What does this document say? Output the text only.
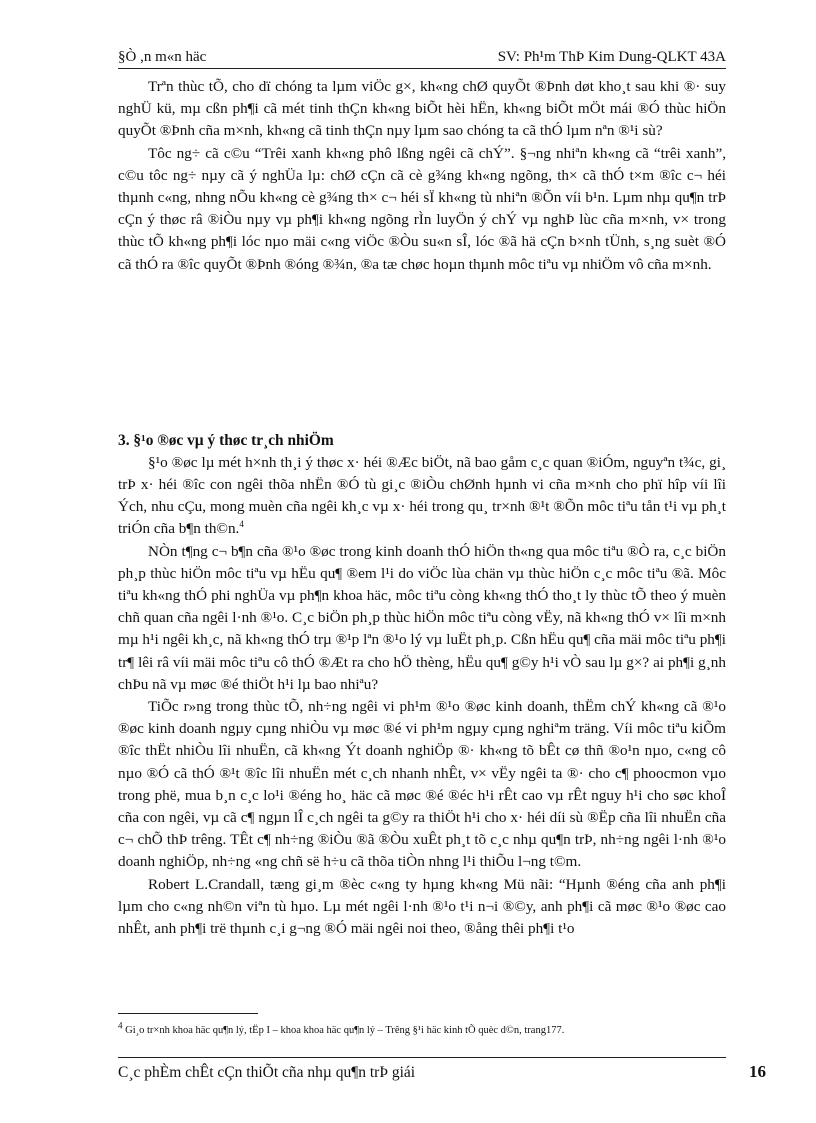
§Ò ,n m«n häc	SV: Ph¹m ThÞ Kim Dung-QLKT 43A

Trªn thùc tÕ, cho dï chóng ta lµm viÖc g×, kh«ng chØ quyÕt ®Þnh døt kho¸t sau khi ®· suy nghÜ kü, mµ cßn ph¶i cã mét tinh thÇn kh«ng biÕt hèi hËn, kh«ng biÕt mÖt mái ®Ó thùc hiÖn quyÕt ®Þnh cña m×nh, kh«ng cã tinh thÇn nµy lµm sao chóng ta cã thÓ lµm nªn ®¹i sù?

Tôc ng÷ cã c©u “Trêi xanh kh«ng phô lßng ngêi cã chÝ”. §¬ng nhiªn kh«ng cã “trêi xanh”, c©u tôc ng÷ nµy cã ý nghÜa lµ: chØ cÇn cã cè g¾ng kh«ng ngõng, th× cã thÓ t×m ®îc c¬ héi thµnh c«ng, nhng nÕu kh«ng cè g¾ng th× c¬ héi sÏ kh«ng tù nhiªn ®Õn víi b¹n. Lµm nhµ qu¶n trÞ cÇn ý thøc râ ®iÒu nµy vµ ph¶i kh«ng ngõng rÌn luyÖn ý chÝ vµ nghÞ lùc cña m×nh, v× trong thùc tÕ kh«ng ph¶i lóc nµo mäi c«ng viÖc ®Òu su«n sÎ, lóc ®ã hä cÇn b×nh tÜnh, s¸ng suèt ®Ó cã thÓ ra ®îc quyÕt ®Þnh ®óng ®¾n, ®a tæ chøc hoµn thµnh môc tiªu vµ nhiÖm vô cña m×nh.

3. §¹o ®øc vµ ý thøc tr¸ch nhiÖm

§¹o ®øc lµ mét h×nh th¸i ý thøc x· héi ®Æc biÖt, nã bao gåm c¸c quan ®iÓm, nguyªn t¾c, gi¸ trÞ x· héi ®îc con ngêi thõa nhËn ®Ó tù gi¸c ®iÒu chØnh hµnh vi cña m×nh cho phï hîp víi lîi Ých, nhu cÇu, mong muèn cña ngêi kh¸c vµ x· héi trong qu¸ tr×nh ®¹t ®Õn môc tiªu tån t¹i vµ ph¸t triÓn cña b¶n th©n.$^4$

NÒn t¶ng c¬ b¶n cña ®¹o ®øc trong kinh doanh thÓ hiÖn th«ng qua môc tiªu ®Ò ra, c¸c biÖn ph¸p thùc hiÖn môc tiªu vµ hËu qu¶ ®em l¹i do viÖc lùa chän vµ thùc hiÖn c¸c môc tiªu ®ã. Môc tiªu kh«ng thÓ phi nghÜa vµ ph¶n khoa häc, môc tiªu còng kh«ng thÓ tho¸t ly thùc tÕ theo ý muèn chñ quan cña ngêi l·nh ®¹o. C¸c biÖn ph¸p thùc hiÖn môc tiªu còng vËy, nã kh«ng thÓ v× lîi m×nh mµ h¹i ngêi kh¸c, nã kh«ng thÓ trµ ®¹p lªn ®¹o lý vµ luËt ph¸p. Cßn hËu qu¶ cña mäi môc tiªu ph¶i tr¶ lêi râ víi mäi môc tiªu cô thÓ ®Æt ra cho hÖ thèng, hËu qu¶ g©y h¹i vÒ sau lµ g×? ai ph¶i g¸nh chÞu nã vµ møc ®é thiÖt h¹i lµ bao nhiªu?

TiÕc r»ng trong thùc tÕ, nh÷ng ngêi vi ph¹m ®¹o ®øc kinh doanh, thËm chÝ kh«ng cã ®¹o ®øc kinh doanh ngµy cµng nhiÒu vµ møc ®é vi ph¹m ngµy cµng nghiªm träng. Víi môc tiªu kiÕm ®îc thËt nhiÒu lîi nhuËn, cã kh«ng Ýt doanh nghiÖp ®· kh«ng tõ bÊt cø thñ ®o¹n nµo, c«ng cô nµo ®Ó cã thÓ ®¹t ®îc lîi nhuËn mét c¸ch nhanh nhÊt, v× vËy ngêi ta ®· cho c¶ phoocmon vµo trong phë, mua b¸n c¸c lo¹i ®éng ho¸ häc cã møc ®é ®éc h¹i rÊt cao vµ rÊt nguy h¹i cho søc khoÎ cña con ngêi, vµ cã c¶ ngµn lÎ c¸ch ngêi ta g©y ra thiÖt h¹i cho x· héi díi sù ®Ëp cña lîi nhuËn cña c¬ chÕ thÞ trêng. TÊt c¶ nh÷ng ®iÒu ®ã ®Òu xuÊt ph¸t tõ c¸c nhµ qu¶n trÞ, nh÷ng ngêi l·nh ®¹o doanh nghiÖp, nh÷ng «ng chñ së h÷u cã thõa tiÒn nhng l¹i thiÕu l¬ng t©m.

Robert L.Crandall, tæng gi¸m ®èc c«ng ty hµng kh«ng Mü nãi: “Hµnh ®éng cña anh ph¶i lµm cho c«ng nh©n viªn tù hµo. Lµ mét ngêi l·nh ®¹o t¹i n¬i ®©y, anh ph¶i cã møc ®¹o ®øc cao nhÊt, anh ph¶i trë thµnh c¸i g¬ng ®Ó mäi ngêi noi theo, ®ång thêi ph¶i t¹o

$^4$ Gi¸o tr×nh khoa häc qu¶n lý, tËp I – khoa khoa häc qu¶n lý – Trêng §¹i häc kinh tÕ quèc d©n, trang177.
C¸c phÈm chÊt cÇn thiÕt cña nhµ qu¶n trÞ giái	16
